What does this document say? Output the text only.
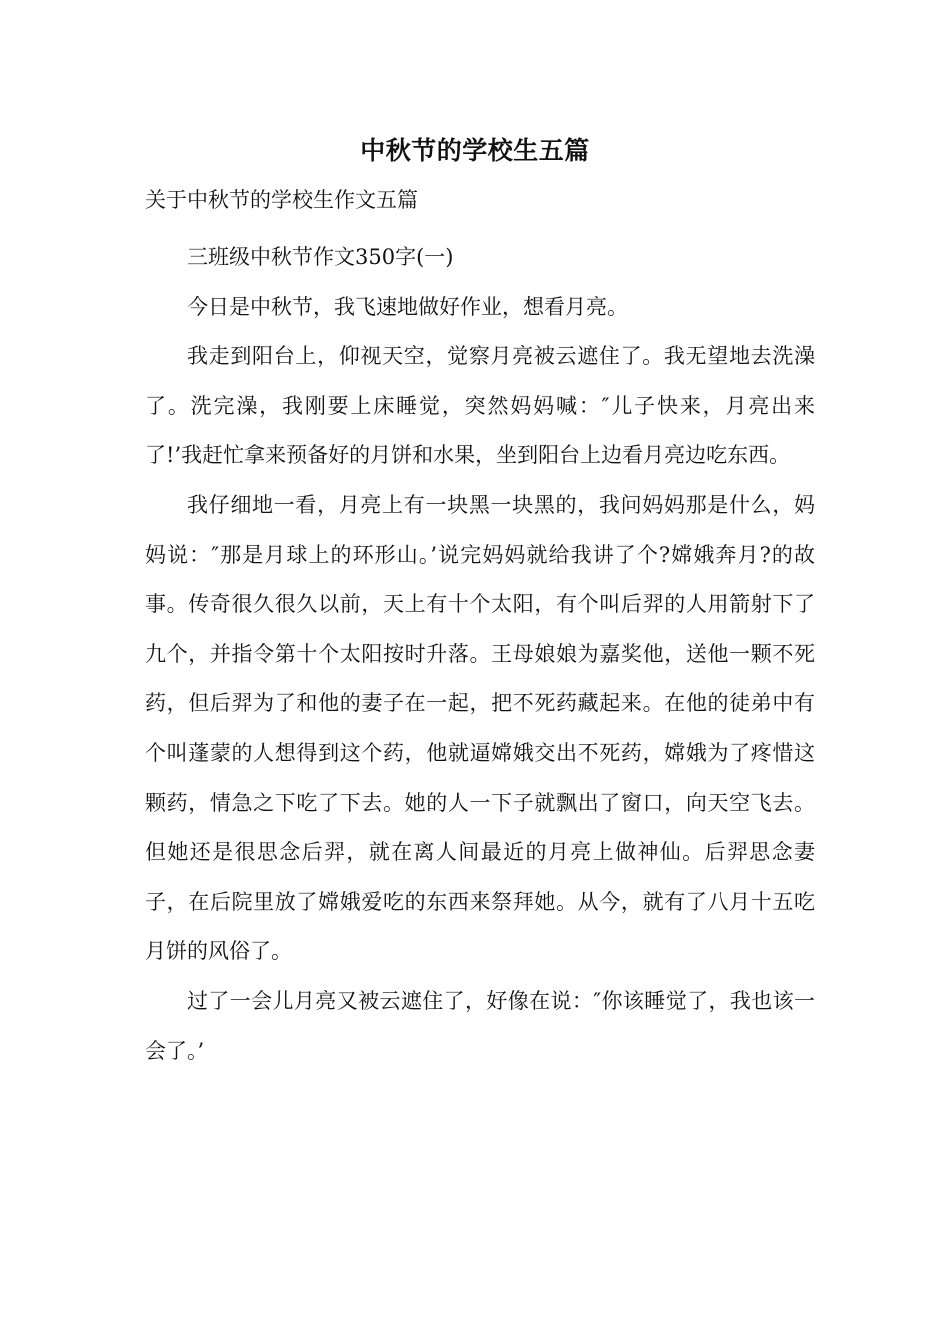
中秋节的学校生五篇
关于中秋节的学校生作文五篇

三班级中秋节作文350字(一)

今日是中秋节，我飞速地做好作业，想看月亮。

我走到阳台上，仰视天空，觉察月亮被云遮住了。我无望地去洗澡了。洗完澡，我刚要上床睡觉，突然妈妈喊：″儿子快来，月亮出来了!’我赶忙拿来预备好的月饼和水果，坐到阳台上边看月亮边吃东西。

我仔细地一看，月亮上有一块黑一块黑的，我问妈妈那是什么，妈妈说：″那是月球上的环形山。’说完妈妈就给我讲了个?嫦娥奔月?的故事。传奇很久很久以前，天上有十个太阳，有个叫后羿的人用箭射下了九个，并指令第十个太阳按时升落。王母娘娘为嘉奖他，送他一颗不死药，但后羿为了和他的妻子在一起，把不死药藏起来。在他的徒弟中有个叫蓬蒙的人想得到这个药，他就逼嫦娥交出不死药，嫦娥为了疼惜这颗药，情急之下吃了下去。她的人一下子就飘出了窗口，向天空飞去。但她还是很思念后羿，就在离人间最近的月亮上做神仙。后羿思念妻子，在后院里放了嫦娥爱吃的东西来祭拜她。从今，就有了八月十五吃月饼的风俗了。

过了一会儿月亮又被云遮住了，好像在说：″你该睡觉了，我也该一会了。’
